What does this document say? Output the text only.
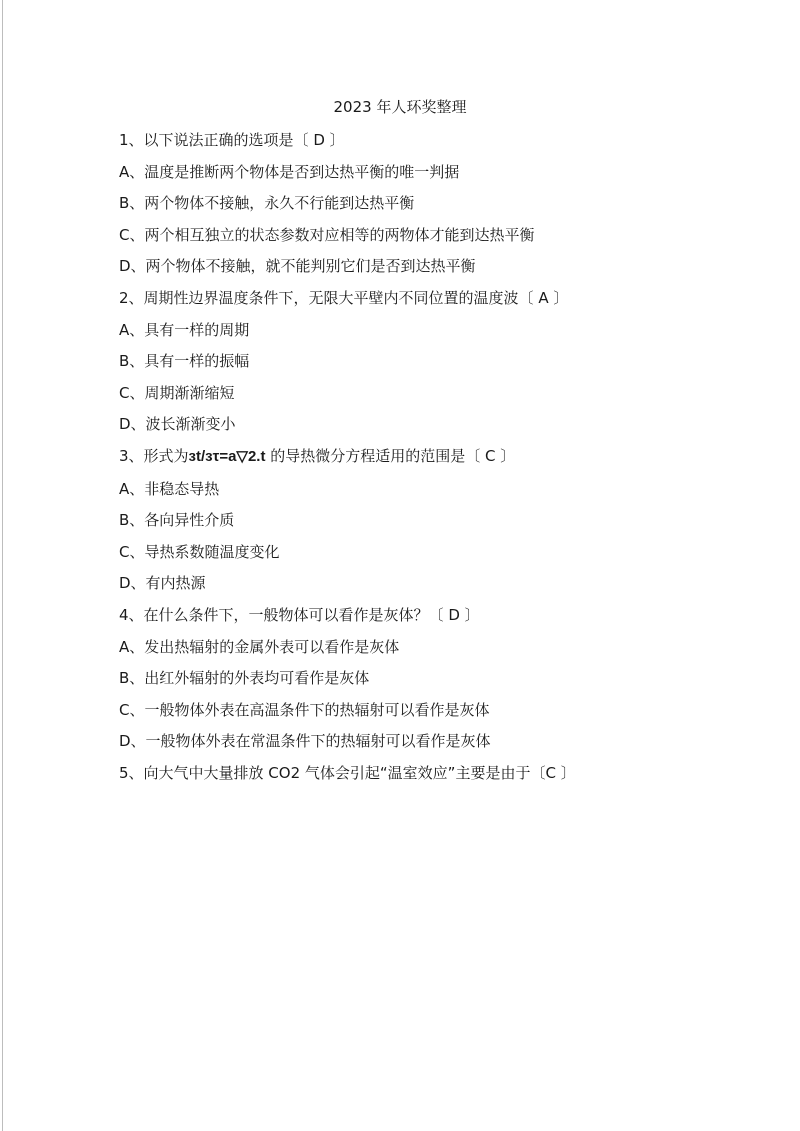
2023 年人环奖整理
1、以下说法正确的选项是〔 D 〕
A、温度是推断两个物体是否到达热平衡的唯一判据
B、两个物体不接触，永久不行能到达热平衡
C、两个相互独立的状态参数对应相等的两物体才能到达热平衡
D、两个物体不接触，就不能判别它们是否到达热平衡
2、周期性边界温度条件下，无限大平壁内不同位置的温度波〔 A 〕
A、具有一样的周期
B、具有一样的振幅
C、周期渐渐缩短
D、波长渐渐变小
3、形式为ɜt/ɜτ=a▽2.t 的导热微分方程适用的范围是〔 C 〕
A、非稳态导热
B、各向异性介质
C、导热系数随温度变化
D、有内热源
4、在什么条件下，一般物体可以看作是灰体？〔 D 〕
A、发出热辐射的金属外表可以看作是灰体
B、出红外辐射的外表均可看作是灰体
C、一般物体外表在高温条件下的热辐射可以看作是灰体
D、一般物体外表在常温条件下的热辐射可以看作是灰体
5、向大气中大量排放 CO2 气体会引起“温室效应”主要是由于〔C 〕
